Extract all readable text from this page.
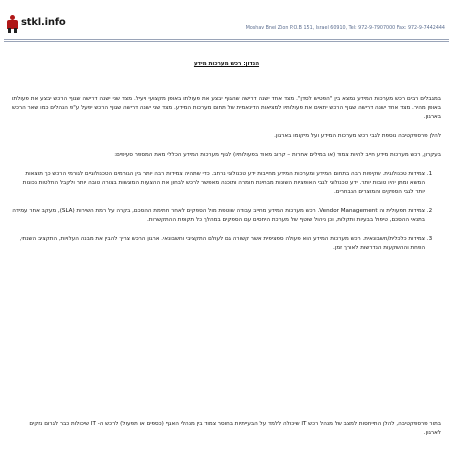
stkl.info
Moshav Bnei Zion P.O.B 151, Israel 60910, Tel: 972-9-7907000 Fax: 972-9-7442444
הנדון: רכש מערכות מידע

במגבלים רבים רכש מערכות המידע נמצא בין "הפטיש לסדן". מצד אחד ישנה דרישה שהגוף יבצע את פעולתו באופן מקצועי ויעיל. מצד שני ישנה דרישה שגוף הרכש יבצע את פעולתו באופן מהיר. מצד אחד ישנה דרישה שגוף הרכש יתאים את פעולותיו למציאות הדינאמית של תחום מערכות המידע. מצד שני ישנה דרישה שגוף הרכש יפעל ע"פ הנהלים כמו שאר הרכש בארגון.

להלן פרספקטיבה נוספת לגבי רכש מערכות המידע ועל מיקומו בארגון.

בעקרון, רכש מערכות מידע חייב להיות צמוד (או במילים אחרות – קרוב מאוד בפעולותיו) לגוף מערכות המידע הכללי מאת המספר סעיפים:

1. צמידות טכנולוגית. שקיפות רבה בתחום המידע ומערכות המידע מחייבות ידע טכנולוגי נרחב. כדי שתהיה צמידות רבה יותר בין הגורמים הטכנולוגיים לגורמי הרכש כך תוצאות המשא ומתן יהיו טובות יותר. ידע טכנולוגי לגבי האופציות השונות מבחינת חומרה ותוכנה מאפשר לרכש לבחון את ההצעות המוגשות בצורה טובה יותר ולקבל החלטות נכונות יותר לגבי הספקים והמוצרים הנבחרים.
2. צמידות תפעולית וה Vendor Management. רכש מערכות המידע מחייב עבודה שוטפת מול הספקים לאחר חתימת ההסכם, בקרה על רמת השירות (SLA), מעקב אחר עמידה בתנאי ההסכם, טיפול בבעיות ותקלות, וכן ניהול שוטף של מערכת היחסים עם הספקים במהלך כל תקופת ההתקשרות.
3. צמידות כלכלית/חשבונאית. רכש מערכות המידע הוא פעולה ספציפית אשר קשורה גם לעולם התקציבי וחשבונאי. ארגון הרכש צריך להבין את מבנה העלויות, התקציב השנתי, הפחת וההשקעות הנדרשות לאורך זמן.
בתור פרספקטיבה, להלן התייחסות למצב של מנהל רכש IT שיכולה ללמד על הבעייתיות בחוסר צמוד בין מנהלי האגף (כספים או תפעול) לרכש ה- IT שיכולות כבר לגרום נזקים לארגון.
